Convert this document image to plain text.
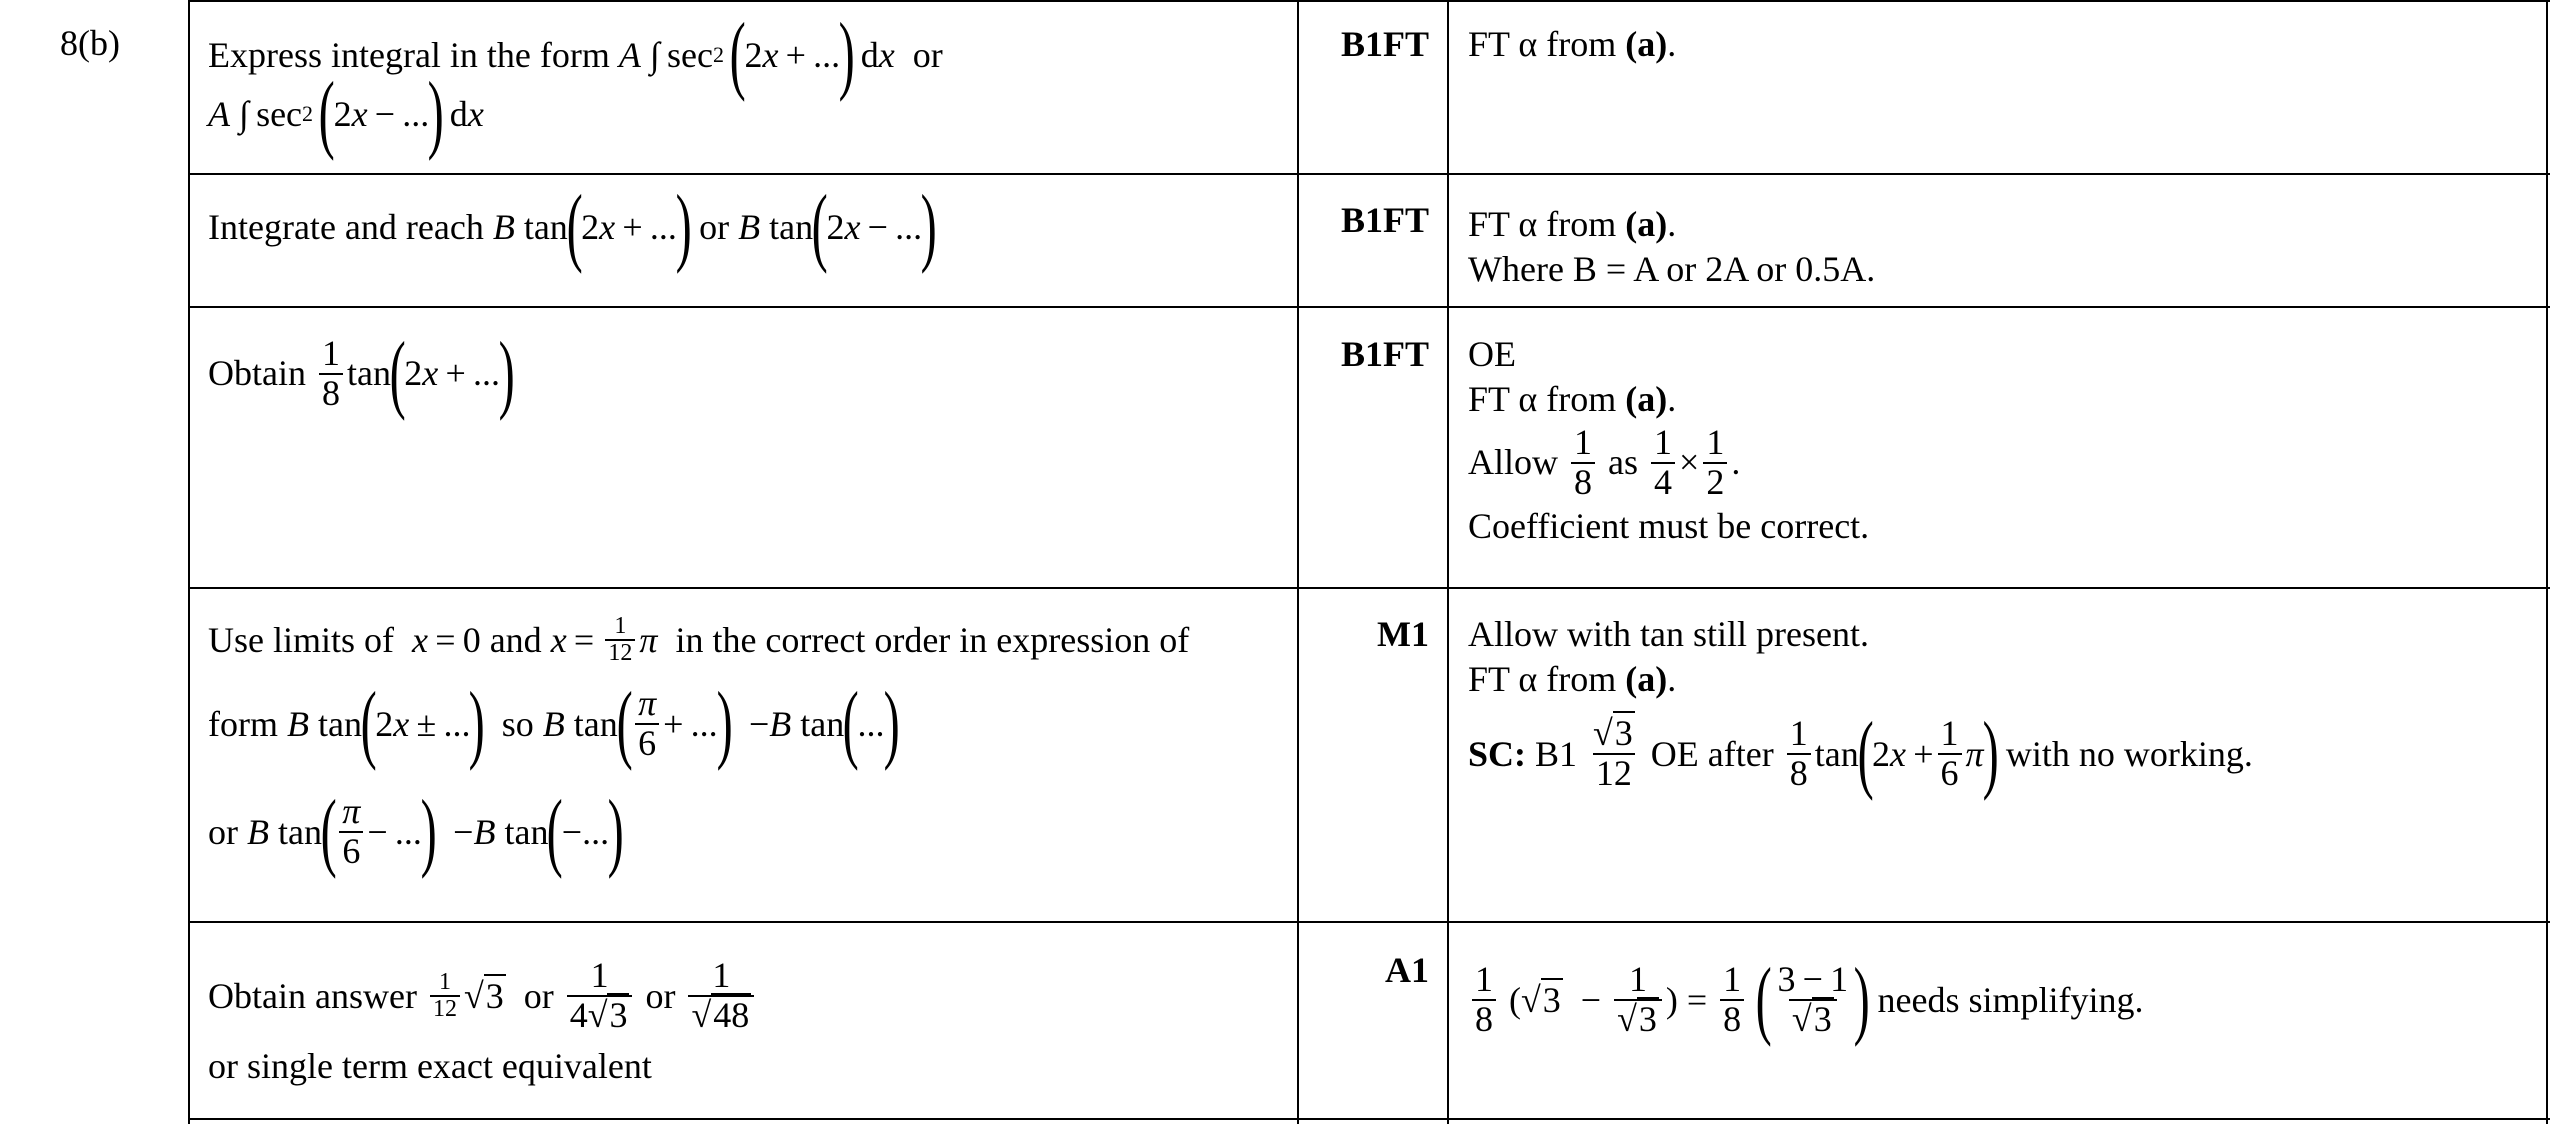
8(b) Express integral in the form
A ∫ sec 2
  (
2 x  + ...
)
 d x
or
A ∫ sec 2
  (
2 x  − ...
)
 d x
B1FT FT α from (a).
Integrate and reach
B tan
(
2 x  + ...
)
or
B tan
(
2 x  − ...
)	B1FT FT α from (a).
Where B = A or 2A or 0.5A.
Obtain
$\frac{1}{8}$ tan
(
2 x  + ...
)	B1FT OE
FT α from (a).
Allow
$\frac{1}{8}$
as
$\frac{1}{4} \times \frac{1}{2}$ .
Coefficient must be correct.
Use limits of
x  = 0 and
$x = \frac{1}{12}$ π
in the correct order in expression of
form
B tan
(
2 x  ± ...
)
so
B tan
( $\frac{\pi}{6}$ + ...
)
− B tan
(
...
)
or
B tan
( $\frac{\pi}{6}$ − ...
)
− B tan
(
−...
)
M1 Allow with tan still present.
FT α from (a).
SC:
B1
$\frac{√3}{12}$
OE after
$\frac{1}{8}$ tan
(
2 $x + \frac{1}{6}$ π
)
with no working.
Obtain answer
$\frac{1}{12} √3$
or
$\frac{1}{4√3}$
or
$\frac{1}{√48}$
or single term exact equivalent
$A1 \frac{1}{8}$ ( $√3 - \frac{1}{√3}$ ) = $\frac{1}{8}$
( $\frac{3 - 1}{√3}$ )
needs simplifying.
